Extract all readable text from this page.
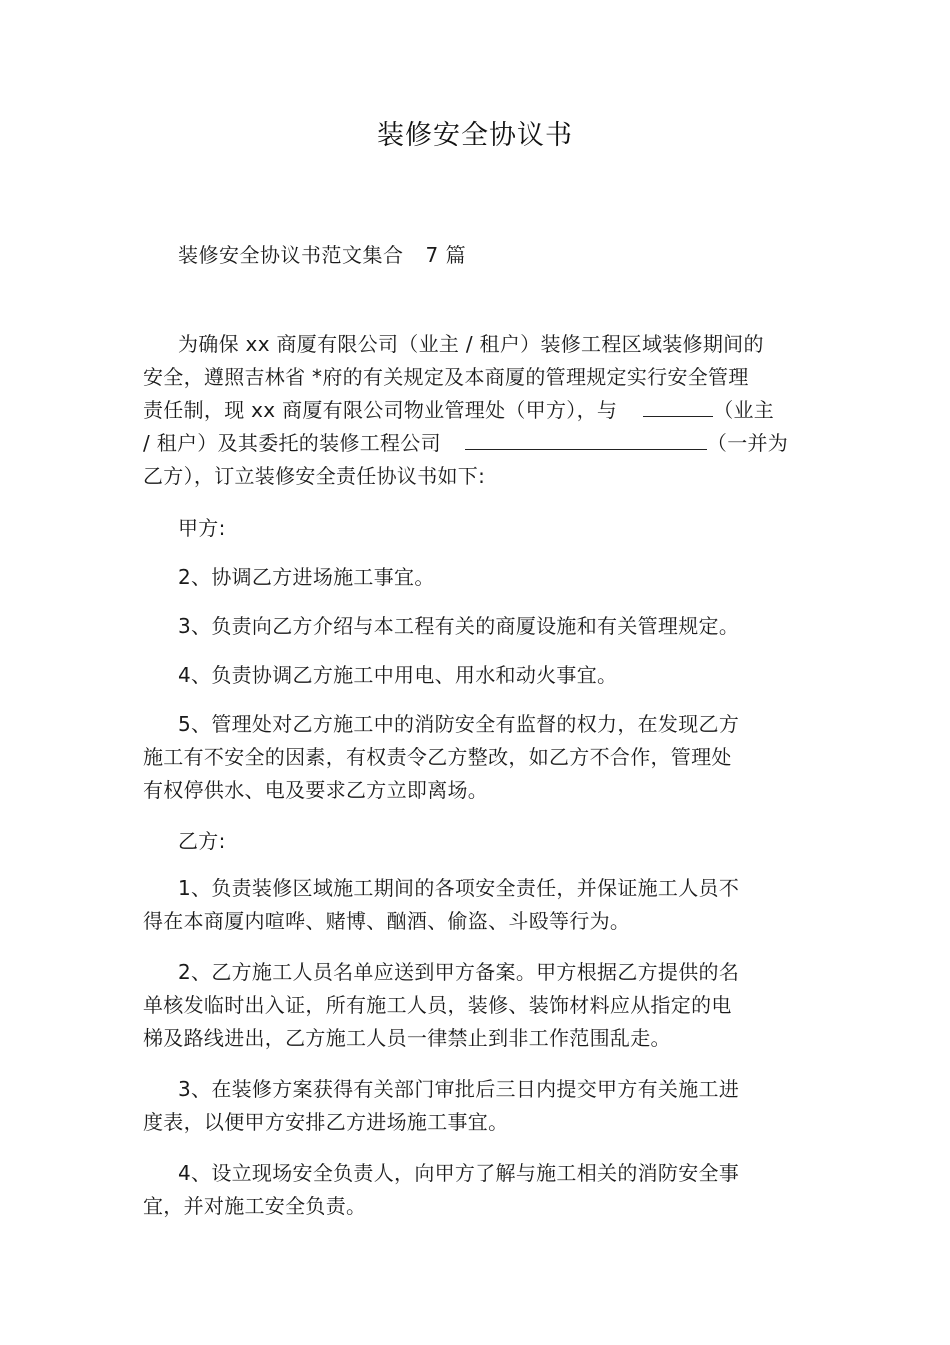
装修安全协议书
装修安全协议书范文集合 7 篇
为确保 xx 商厦有限公司（业主 / 租户）装修工程区域装修期间的
安全，遵照吉林省 *府的有关规定及本商厦的管理规定实行安全管理
责任制，现 xx 商厦有限公司物业管理处（甲方），与	（业主
/ 租户）及其委托的装修工程公司	（一并为
乙方），订立装修安全责任协议书如下:
甲方:
2、协调乙方进场施工事宜。
3、负责向乙方介绍与本工程有关的商厦设施和有关管理规定。
4、负责协调乙方施工中用电、用水和动火事宜。
5、管理处对乙方施工中的消防安全有监督的权力，在发现乙方
施工有不安全的因素，有权责令乙方整改，如乙方不合作，管理处
有权停供水、电及要求乙方立即离场。
乙方:
1、负责装修区域施工期间的各项安全责任，并保证施工人员不
得在本商厦内喧哗、赌博、酗酒、偷盗、斗殴等行为。
2、乙方施工人员名单应送到甲方备案。甲方根据乙方提供的名
单核发临时出入证，所有施工人员，装修、装饰材料应从指定的电
梯及路线进出，乙方施工人员一律禁止到非工作范围乱走。
3、在装修方案获得有关部门审批后三日内提交甲方有关施工进
度表，以便甲方安排乙方进场施工事宜。
4、设立现场安全负责人，向甲方了解与施工相关的消防安全事
宜，并对施工安全负责。
